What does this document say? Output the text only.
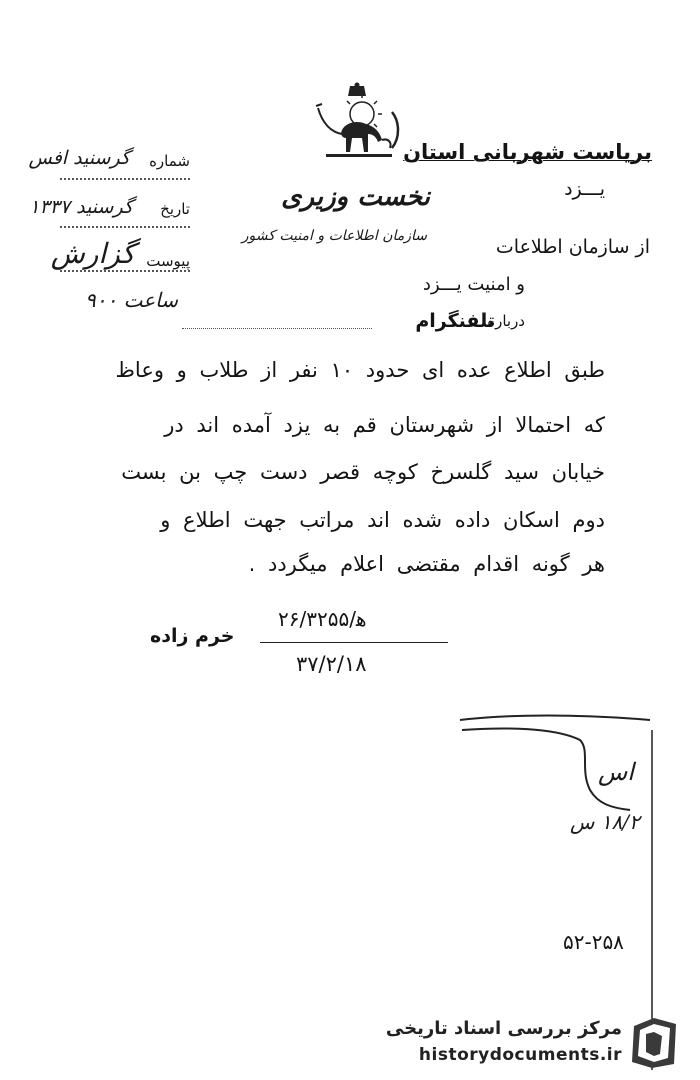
بریاست شهربانی استان
یـــزد
شماره
گرسنید افس
تاریخ
گرسنید ۱۳۳۷
پیوست
گزارش
ساعت ۹۰۰
نخست وزیری
سازمان اطلاعات و امنیت کشور	از سازمان اطلاعات
و امنیت یـــزد
درباره
تلفنگرام
طبق اطلاع عده ای حدود ۱۰ نفر از طلاب و وعاظ
که احتمالا از شهرستان قم به یزد آمده اند در
خیابان سید گلسرخ کوچه قصر دست چپ بن بست
دوم اسکان داده شده اند مراتب جهت اطلاع و
هر گونه اقدام مقتضی اعلام میگردد .
خرم زاده
ﻫ/۲۶/۳۲۵۵
۳۷/۲/۱۸
اس
۱۸/۲ س
۵۲-۲۵۸
مرکز بررسی اسناد تاریخی
historydocuments.ir
